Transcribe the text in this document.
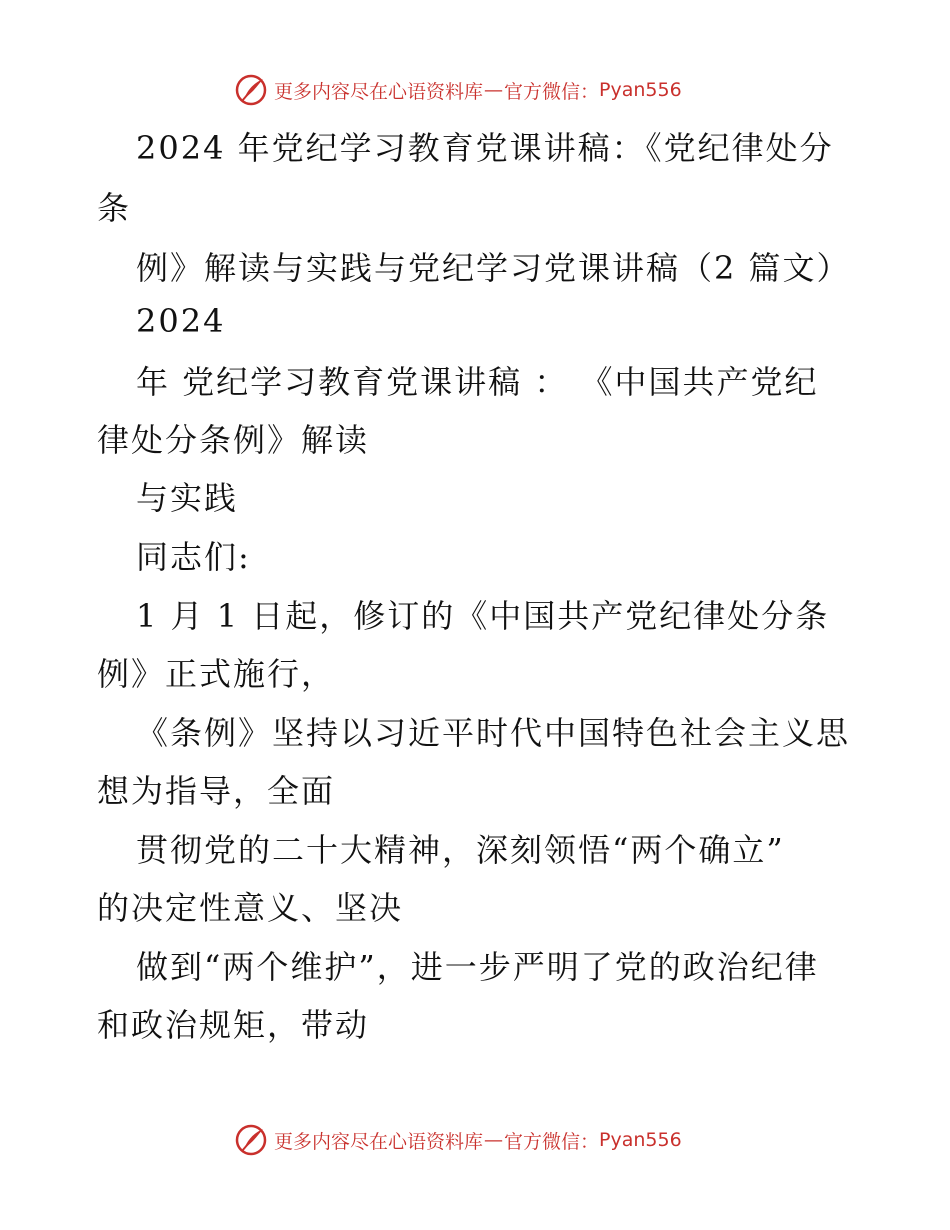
更多内容尽在心语资料库 — 官方微信： Pyan556
2024 年党纪学习教育党课讲稿：《党纪律处分
条
例》解读与实践与党纪学习党课讲稿（2 篇文）
2024
年 党纪学习教育党课讲稿 ： 《中国共产党纪
律处分条例》解读
与实践
同志们:
1 月 1 日起，修订的《中国共产党纪律处分条
例》正式施行，
《条例》坚持以习近平时代中国特色社会主义思
想为指导，全面
贯彻党的二十大精神，深刻领悟“两个确立”
的决定性意义、坚决
做到“两个维护”，进一步严明了党的政治纪律
和政治规矩，带动
更多内容尽在心语资料库 — 官方微信： Pyan556
